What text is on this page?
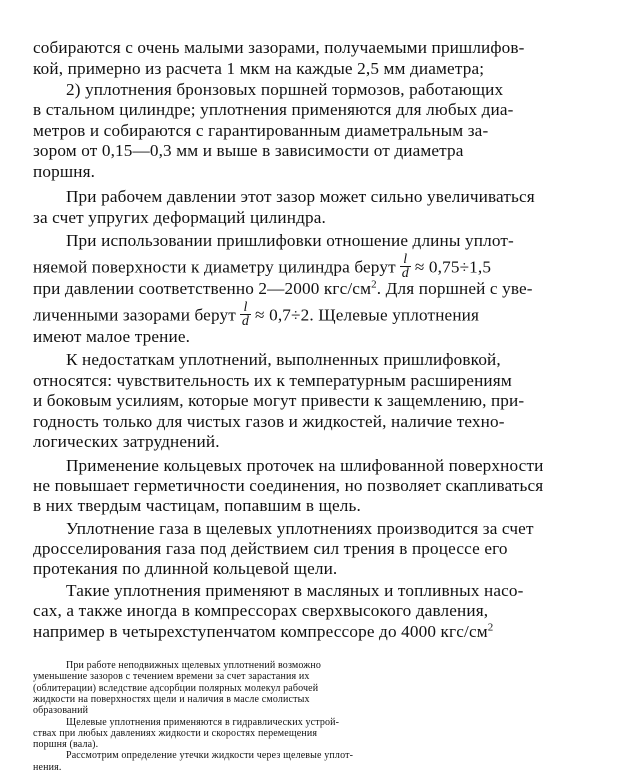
собираются с очень малыми зазорами, получаемыми пришлифов-
кой, примерно из расчета 1 мкм на каждые 2,5 мм диаметра;
2) уплотнения бронзовых поршней тормозов, работающих
в стальном цилиндре; уплотнения применяются для любых диа-
метров и собираются с гарантированным диаметральным за-
зором от 0,15—0,3 мм и выше в зависимости от диаметра
поршня.
При рабочем давлении этот зазор может сильно увеличиваться
за счет упругих деформаций цилиндра.
При использовании пришлифовки отношение длины уплот-
няемой поверхности к диаметру цилиндра берут $\frac{l}{d} \approx 0,75\div 1,5$
при давлении соответственно 2—2000 кгс/$см^2$. Для поршней с уве-
личенными зазорами берут $\frac{l}{d} \approx 0,7\div 2$. Щелевые уплотнения
имеют малое трение.
К недостаткам уплотнений, выполненных пришлифовкой,
относятся: чувствительность их к температурным расширениям
и боковым усилиям, которые могут привести к защемлению, при-
годность только для чистых газов и жидкостей, наличие техно-
логических затруднений.
Применение кольцевых проточек на шлифованной поверхности
не повышает герметичности соединения, но позволяет скапливаться
в них твердым частицам, попавшим в щель.
Уплотнение газа в щелевых уплотнениях производится за счет
дросселирования газа под действием сил трения в процессе его
протекания по длинной кольцевой щели.
Такие уплотнения применяют в масляных и топливных насо-
сах, а также иногда в компрессорах сверхвысокого давления,
например в четырехступенчатом компрессоре до 4000 кгс/$см^2$
При работе неподвижных щелевых уплотнений возможно
уменьшение зазоров с течением времени за счет зарастания их
(облитерации) вследствие адсорбции полярных молекул рабочей
жидкости на поверхностях щели и наличия в масле смолистых
образований
Щелевые уплотнения применяются в гидравлических устрой-
ствах при любых давлениях жидкости и скоростях перемещения
поршня (вала).
Рассмотрим определение утечки жидкости через щелевые уплот-
нения.
